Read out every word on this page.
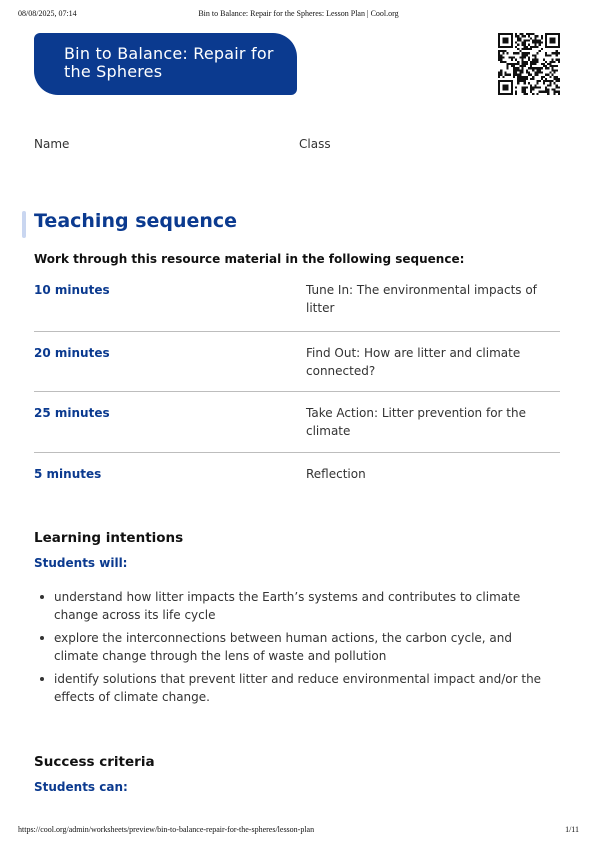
08/08/2025, 07:14	Bin to Balance: Repair for the Spheres: Lesson Plan | Cool.org
Bin to Balance: Repair for the Spheres
Name	Class
Teaching sequence
Work through this resource material in the following sequence:
10 minutes	Tune In: The environmental impacts of litter
20 minutes	Find Out: How are litter and climate connected?
25 minutes	Take Action: Litter prevention for the climate
5 minutes	Reflection
Learning intentions
Students will:
understand how litter impacts the Earth’s systems and contributes to climate change across its life cycle
explore the interconnections between human actions, the carbon cycle, and climate change through the lens of waste and pollution
identify solutions that prevent litter and reduce environmental impact and/or the effects of climate change.
Success criteria
Students can:
https://cool.org/admin/worksheets/preview/bin-to-balance-repair-for-the-spheres/lesson-plan	1/11
